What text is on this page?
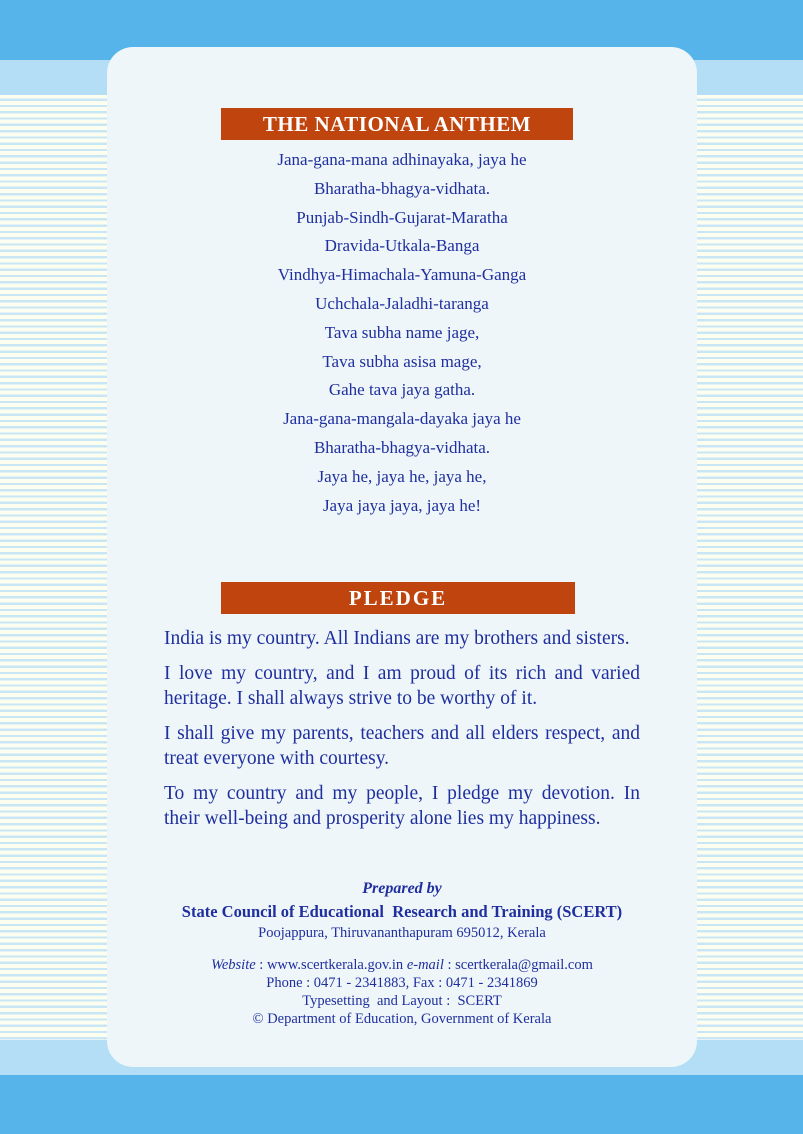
THE NATIONAL ANTHEM
Jana-gana-mana adhinayaka, jaya he
Bharatha-bhagya-vidhata.
Punjab-Sindh-Gujarat-Maratha
Dravida-Utkala-Banga
Vindhya-Himachala-Yamuna-Ganga
Uchchala-Jaladhi-taranga
Tava subha name jage,
Tava subha asisa mage,
Gahe tava jaya gatha.
Jana-gana-mangala-dayaka jaya he
Bharatha-bhagya-vidhata.
Jaya he, jaya he, jaya he,
Jaya jaya jaya, jaya he!
PLEDGE

India is my country. All Indians are my brothers and sisters.

I love my country, and I am proud of its rich and varied heritage. I shall always strive to be worthy of it.

I shall give my parents, teachers and all elders respect, and treat everyone with courtesy.

To my country and my people, I pledge my devotion. In their well-being and prosperity alone lies my happiness.

Prepared by
State Council of Educational  Research and Training (SCERT)
Poojappura, Thiruvananthapuram 695012, Kerala
Website : www.scertkerala.gov.in e-mail : scertkerala@gmail.com
Phone : 0471 - 2341883, Fax : 0471 - 2341869
Typesetting  and Layout :  SCERT
© Department of Education, Government of Kerala
